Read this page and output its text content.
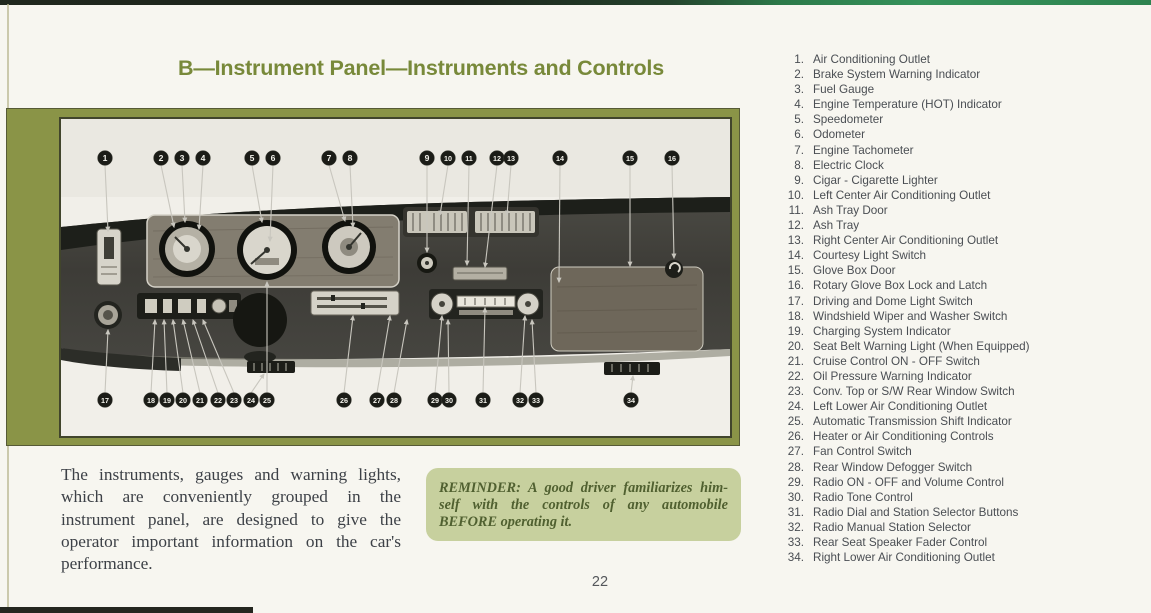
B—Instrument Panel—Instruments and Controls
1	2 3 4	5 6	7 8	9 10 11	12 13	14	15	16
17	18 19 20 21 22 23 24 25	26	27 28	29 30	31	32 33	34
1. Air Conditioning Outlet
2. Brake System Warning Indicator
3. Fuel Gauge
4. Engine Temperature (HOT) Indicator
5. Speedometer
6. Odometer
7. Engine Tachometer
8. Electric Clock
9. Cigar - Cigarette Lighter
10. Left Center Air Conditioning Outlet
11. Ash Tray Door
12. Ash Tray
13. Right Center Air Conditioning Outlet
14. Courtesy Light Switch
15. Glove Box Door
16. Rotary Glove Box Lock and Latch
17. Driving and Dome Light Switch
18. Windshield Wiper and Washer Switch
19. Charging System Indicator
20. Seat Belt Warning Light (When Equipped)
21. Cruise Control ON - OFF Switch
22. Oil Pressure Warning Indicator
23. Conv. Top or S/W Rear Window Switch
24. Left Lower Air Conditioning Outlet
25. Automatic Transmission Shift Indicator
26. Heater or Air Conditioning Controls
27. Fan Control Switch
28. Rear Window Defogger Switch
29. Radio ON - OFF and Volume Control
30. Radio Tone Control
31. Radio Dial and Station Selector Buttons
32. Radio Manual Station Selector
33. Rear Seat Speaker Fader Control
34. Right Lower Air Conditioning Outlet
The instruments, gauges and warning lights, which are conveniently grouped in the instrument panel, are designed to give the operator important information on the car's performance.
REMINDER: A good driver familiarizes him-
self with the controls of any automobile
BEFORE operating it.
22
